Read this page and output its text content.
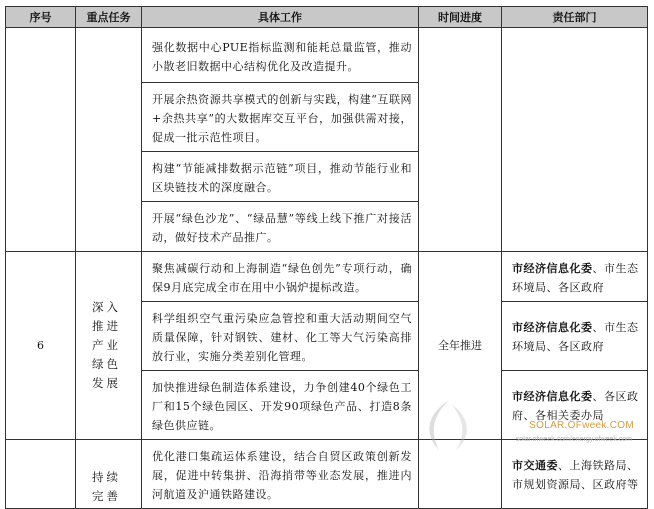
序号	重点任务	具体工作	时间进度	责任部门
		强化数据中心PUE指标监测和能耗总量监管，推动小散老旧数据中心结构优化及改造提升。		
		开展余热资源共享模式的创新与实践，构建“互联网+余热共享”的大数据库交互平台，加强供需对接，促成一批示范性项目。		
		构建“节能减排数据示范链”项目，推动节能行业和区块链技术的深度融合。		
		开展“绿色沙龙”、“绿品慧”等线上线下推广对接活动，做好技术产品推广。		
6	深入推进产业绿色发展	聚焦减碳行动和上海制造“绿色创先”专项行动，确保9月底完成全市在用中小锅炉提标改造。	全年推进	市经济信息化委、市生态环境局、各区政府
		科学组织空气重污染应急管控和重大活动期间空气质量保障，针对钢铁、建材、化工等大气污染高排放行业，实施分类差别化管理。		市经济信息化委、市生态环境局、各区政府
		加快推进绿色制造体系建设，力争创建40个绿色工厂和15个绿色园区、开发90项绿色产品、打造8条绿色供应链。		市经济信息化委、各区政府、各相关委办局
	持续完善	优化港口集疏运体系建设，结合自贸区政策创新发展，促进中转集拼、沿海捎带等业态发展，推进内河航道及沪通铁路建设。		市交通委、上海铁路局、市规划资源局、区政府等
SOLAR.OFweek.COM
solar.ofweek.com/energy.ofweek.com
